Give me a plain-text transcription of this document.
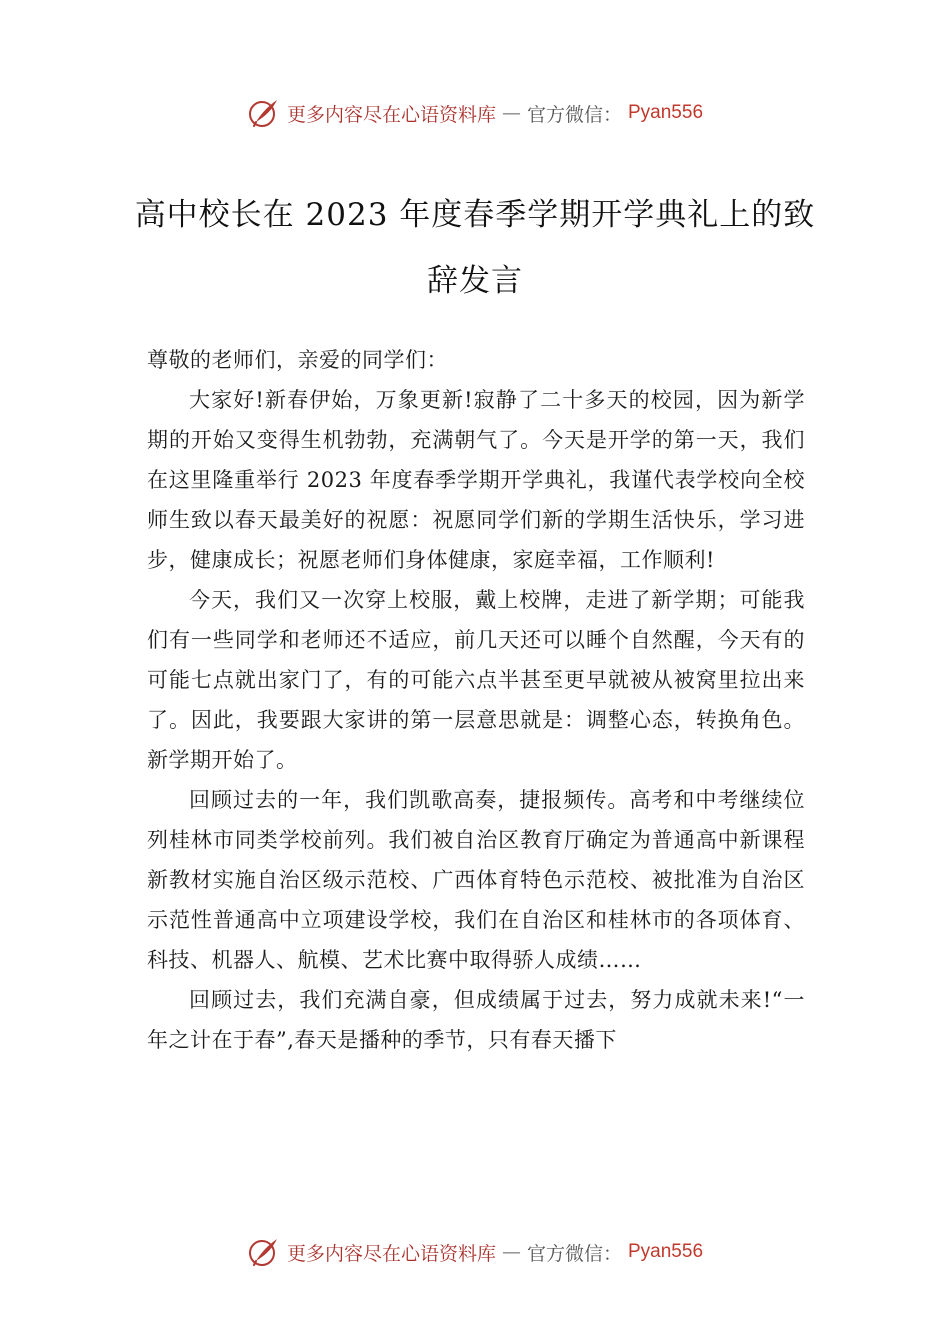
更多内容尽在心语资料库 — 官方微信： Pyan556
高中校长在 2023 年度春季学期开学典礼上的致辞发言

尊敬的老师们，亲爱的同学们：

大家好!新春伊始，万象更新!寂静了二十多天的校园，因为新学期的开始又变得生机勃勃，充满朝气了。今天是开学的第一天，我们在这里隆重举行 2023 年度春季学期开学典礼，我谨代表学校向全校师生致以春天最美好的祝愿：祝愿同学们新的学期生活快乐，学习进步，健康成长；祝愿老师们身体健康，家庭幸福，工作顺利!

今天，我们又一次穿上校服，戴上校牌，走进了新学期；可能我们有一些同学和老师还不适应，前几天还可以睡个自然醒，今天有的可能七点就出家门了，有的可能六点半甚至更早就被从被窝里拉出来了。因此，我要跟大家讲的第一层意思就是：调整心态，转换角色。新学期开始了。

回顾过去的一年，我们凯歌高奏，捷报频传。高考和中考继续位列桂林市同类学校前列。我们被自治区教育厅确定为普通高中新课程新教材实施自治区级示范校、广西体育特色示范校、被批准为自治区示范性普通高中立项建设学校，我们在自治区和桂林市的各项体育、科技、机器人、航模、艺术比赛中取得骄人成绩……

回顾过去，我们充满自豪，但成绩属于过去，努力成就未来!“一年之计在于春”,春天是播种的季节，只有春天播下

更多内容尽在心语资料库 — 官方微信： Pyan556
